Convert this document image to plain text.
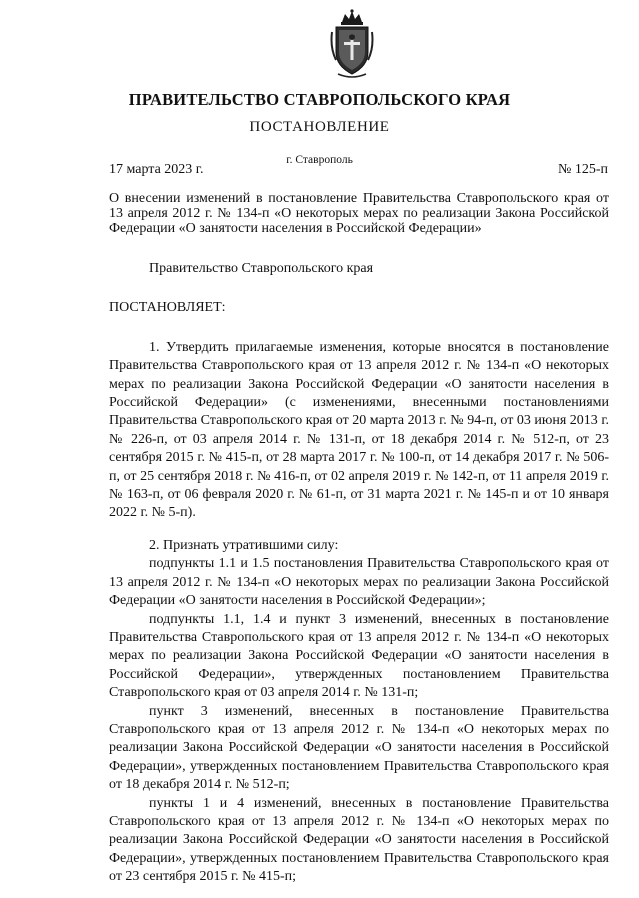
ПРАВИТЕЛЬСТВО СТАВРОПОЛЬСКОГО КРАЯ
ПОСТАНОВЛЕНИЕ
г. Ставрополь
17 марта 2023 г.	№ 125-п
О внесении изменений в постановление Правительства Ставропольского края от 13 апреля 2012 г. № 134-п «О некоторых мерах по реализации Закона Российской Федерации «О занятости населения в Российской Федерации»

Правительство Ставропольского края

ПОСТАНОВЛЯЕТ:

1. Утвердить прилагаемые изменения, которые вносятся в постановление Правительства Ставропольского края от 13 апреля 2012 г. № 134-п «О некоторых мерах по реализации Закона Российской Федерации «О занятости населения в Российской Федерации» (с изменениями, внесенными постановлениями Правительства Ставропольского края от 20 марта 2013 г. № 94-п, от 03 июня 2013 г. № 226-п, от 03 апреля 2014 г. № 131-п, от 18 декабря 2014 г. № 512-п, от 23 сентября 2015 г. № 415-п, от 28 марта 2017 г. № 100-п, от 14 декабря 2017 г. № 506-п, от 25 сентября 2018 г. № 416-п, от 02 апреля 2019 г. № 142-п, от 11 апреля 2019 г. № 163-п, от 06 февраля 2020 г. № 61-п, от 31 марта 2021 г. № 145-п и от 10 января 2022 г. № 5-п).

2. Признать утратившими силу:

подпункты 1.1 и 1.5 постановления Правительства Ставропольского края от 13 апреля 2012 г. № 134-п «О некоторых мерах по реализации Закона Российской Федерации «О занятости населения в Российской Федерации»;

подпункты 1.1, 1.4 и пункт 3 изменений, внесенных в постановление Правительства Ставропольского края от 13 апреля 2012 г. № 134-п «О некоторых мерах по реализации Закона Российской Федерации «О занятости населения в Российской Федерации», утвержденных постановлением Правительства Ставропольского края от 03 апреля 2014 г. № 131-п;

пункт 3 изменений, внесенных в постановление Правительства Ставропольского края от 13 апреля 2012 г. № 134-п «О некоторых мерах по реализации Закона Российской Федерации «О занятости населения в Российской Федерации», утвержденных постановлением Правительства Ставропольского края от 18 декабря 2014 г. № 512-п;

пункты 1 и 4 изменений, внесенных в постановление Правительства Ставропольского края от 13 апреля 2012 г. № 134-п «О некоторых мерах по реализации Закона Российской Федерации «О занятости населения в Российской Федерации», утвержденных постановлением Правительства Ставропольского края от 23 сентября 2015 г. № 415-п;
